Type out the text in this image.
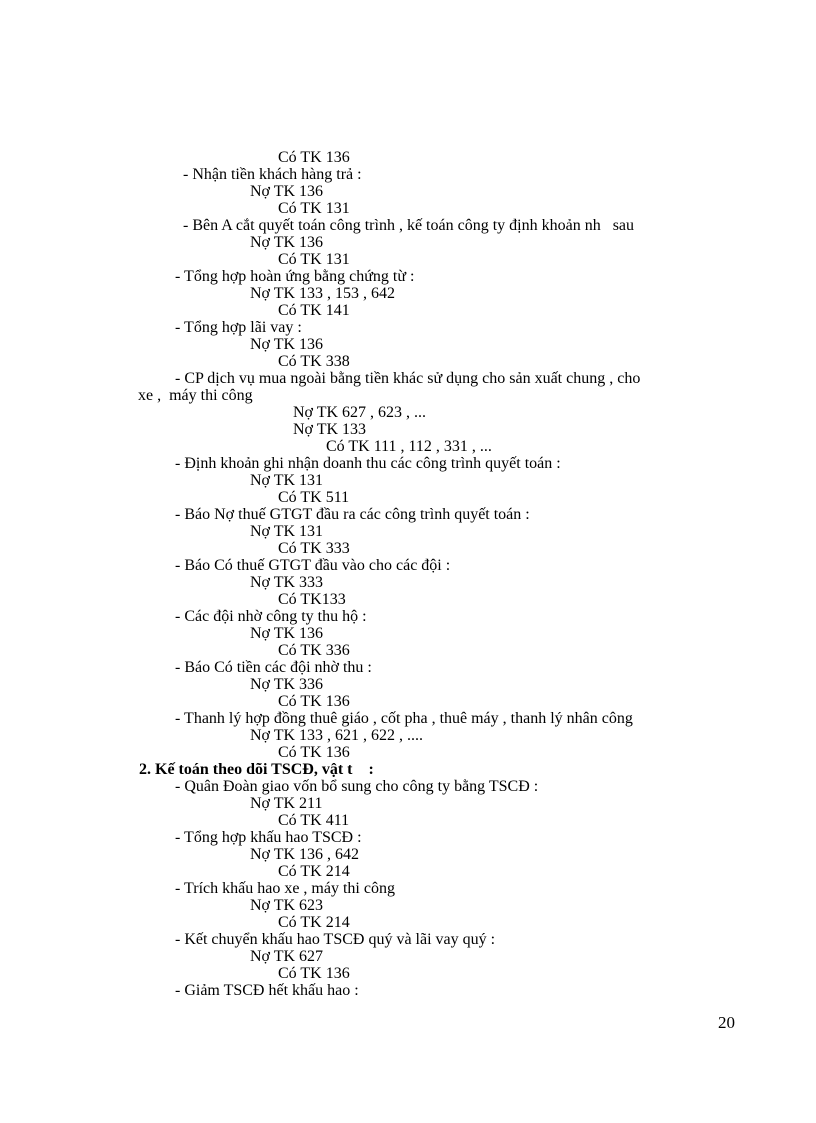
Có TK 136
- Nhận tiền khách hàng trả :
Nợ TK 136
Có TK 131
- Bên A cắt quyết toán công trình , kế toán công ty định khoản nh   sau
Nợ TK 136
Có TK 131
- Tổng hợp hoàn ứng bằng chứng từ :
Nợ TK 133 , 153 , 642
Có TK 141
- Tổng hợp lãi vay :
Nợ TK 136
Có TK 338
- CP dịch vụ mua ngoài bằng tiền khác sử dụng cho sản xuất chung , cho
xe ,  máy thi công
Nợ TK 627 , 623 , ...
Nợ TK 133
Có TK 111 , 112 , 331 , ...
- Định khoản ghi nhận doanh thu các công trình quyết toán :
Nợ TK 131
Có TK 511
- Báo Nợ thuế GTGT đầu ra các công trình quyết toán :
Nợ TK 131
Có TK 333
- Báo Có thuế GTGT đầu vào cho các đội :
Nợ TK 333
Có TK133
- Các đội nhờ công ty thu hộ :
Nợ TK 136
Có TK 336
- Báo Có tiền các đội nhờ thu :
Nợ TK 336
Có TK 136
- Thanh lý hợp đồng thuê giáo , cốt pha , thuê máy , thanh lý nhân công
Nợ TK 133 , 621 , 622 , ....
Có TK 136
2. Kế toán theo dõi TSCĐ, vật t    :
- Quân Đoàn giao vốn bổ sung cho công ty bằng TSCĐ :
Nợ TK 211
Có TK 411
- Tổng hợp khấu hao TSCĐ :
Nợ TK 136 , 642
Có TK 214
- Trích khấu hao xe , máy thi công
Nợ TK 623
Có TK 214
- Kết chuyển khấu hao TSCĐ quý và lãi vay quý :
Nợ TK 627
Có TK 136
- Giảm TSCĐ hết khấu hao :
20
